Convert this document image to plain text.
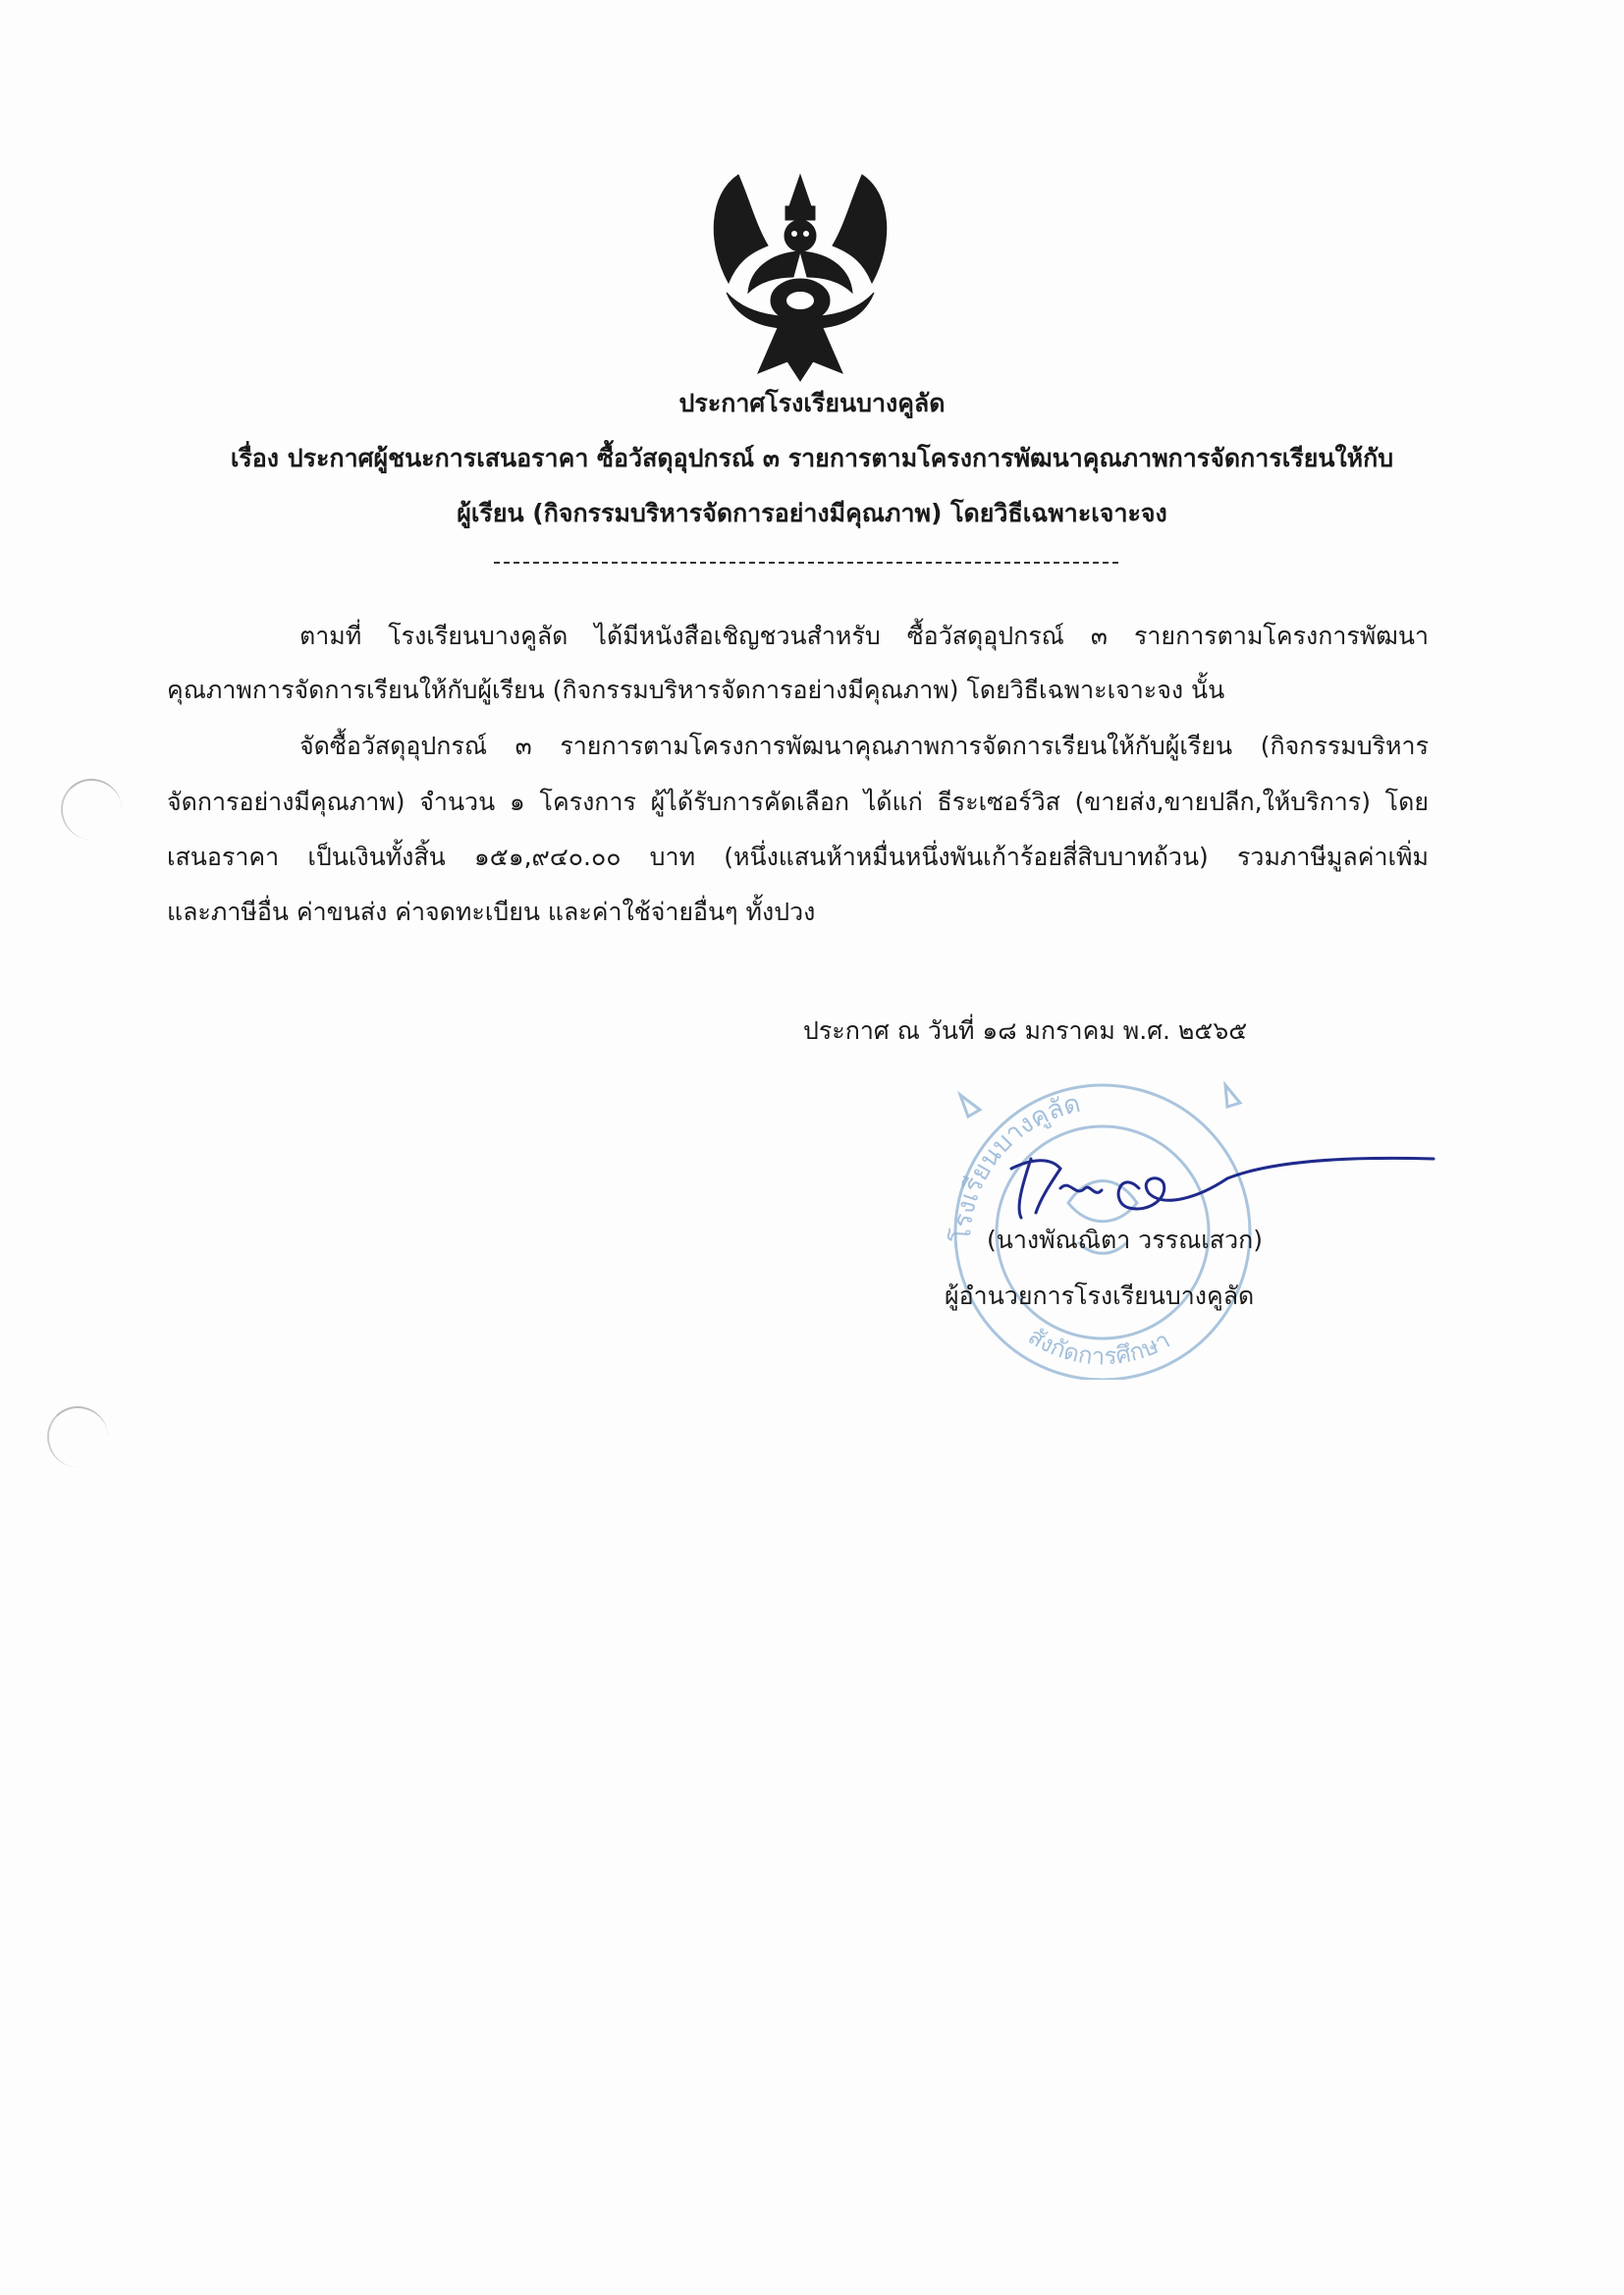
ประกาศโรงเรียนบางคูลัด
เรื่อง ประกาศผู้ชนะการเสนอราคา ซื้อวัสดุอุปกรณ์ ๓ รายการตามโครงการพัฒนาคุณภาพการจัดการเรียนให้กับ
ผู้เรียน (กิจกรรมบริหารจัดการอย่างมีคุณภาพ) โดยวิธีเฉพาะเจาะจง
ตามที่ โรงเรียนบางคูลัด ได้มีหนังสือเชิญชวนสำหรับ ซื้อวัสดุอุปกรณ์ ๓ รายการตามโครงการพัฒนา
คุณภาพการจัดการเรียนให้กับผู้เรียน (กิจกรรมบริหารจัดการอย่างมีคุณภาพ) โดยวิธีเฉพาะเจาะจง นั้น
จัดซื้อวัสดุอุปกรณ์ ๓ รายการตามโครงการพัฒนาคุณภาพการจัดการเรียนให้กับผู้เรียน (กิจกรรมบริหาร
จัดการอย่างมีคุณภาพ) จำนวน ๑ โครงการ ผู้ได้รับการคัดเลือก ได้แก่ ธีระเซอร์วิส (ขายส่ง,ขายปลีก,ให้บริการ) โดย
เสนอราคา เป็นเงินทั้งสิ้น ๑๕๑,๙๔๐.๐๐ บาท (หนึ่งแสนห้าหมื่นหนึ่งพันเก้าร้อยสี่สิบบาทถ้วน) รวมภาษีมูลค่าเพิ่ม
และภาษีอื่น ค่าขนส่ง ค่าจดทะเบียน และค่าใช้จ่ายอื่นๆ ทั้งปวง
ประกาศ ณ วันที่ ๑๘ มกราคม พ.ศ. ๒๕๖๕
โรงเรียนบางคูลัด
สังกัดการศึกษา
(นางพัณณิตา วรรณเสวก)
ผู้อำนวยการโรงเรียนบางคูลัด
